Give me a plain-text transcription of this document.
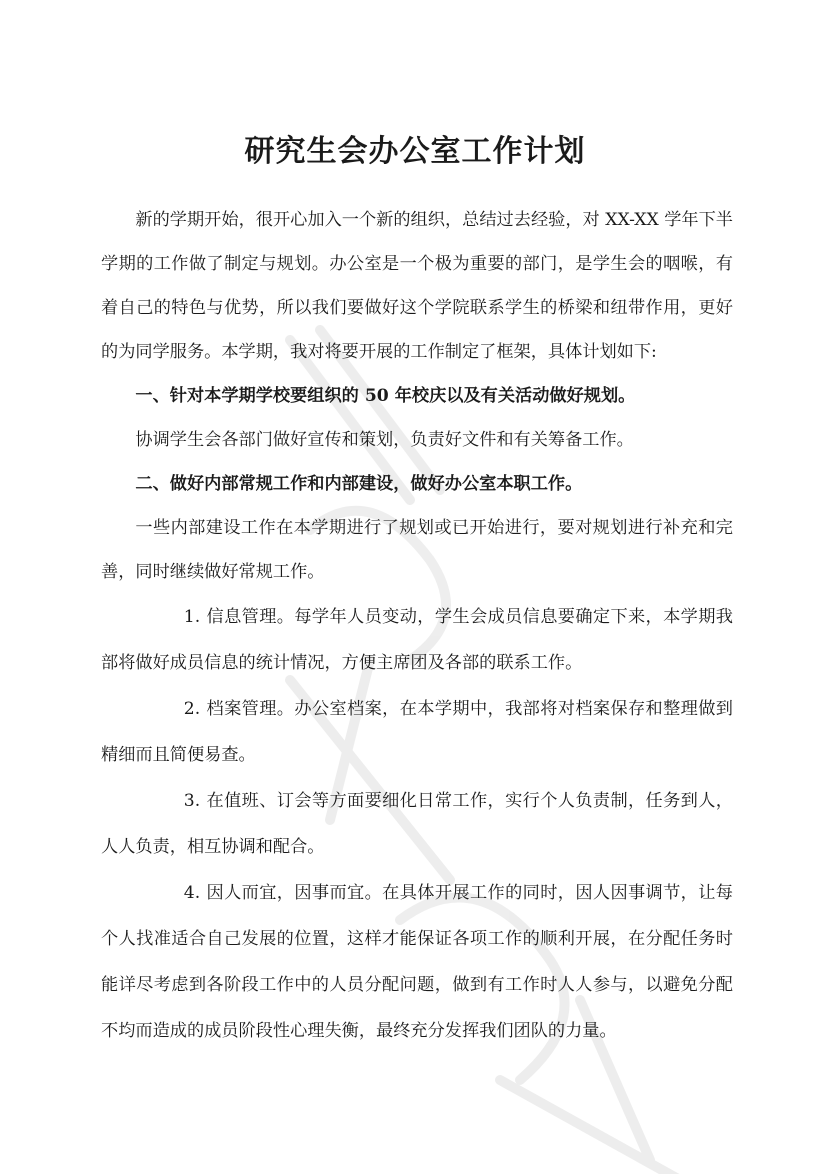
研究生会办公室工作计划

新的学期开始，很开心加入一个新的组织，总结过去经验，对 XX-XX 学年下半学期的工作做了制定与规划。办公室是一个极为重要的部门，是学生会的咽喉，有着自己的特色与优势，所以我们要做好这个学院联系学生的桥梁和纽带作用，更好的为同学服务。本学期，我对将要开展的工作制定了框架，具体计划如下:

一、针对本学期学校要组织的 50 年校庆以及有关活动做好规划。

协调学生会各部门做好宣传和策划，负责好文件和有关筹备工作。

二、做好内部常规工作和内部建设，做好办公室本职工作。

一些内部建设工作在本学期进行了规划或已开始进行，要对规划进行补充和完善，同时继续做好常规工作。

1. 信息管理。每学年人员变动，学生会成员信息要确定下来，本学期我部将做好成员信息的统计情况，方便主席团及各部的联系工作。

2. 档案管理。办公室档案，在本学期中，我部将对档案保存和整理做到精细而且简便易查。

3. 在值班、订会等方面要细化日常工作，实行个人负责制，任务到人，人人负责，相互协调和配合。

4. 因人而宜，因事而宜。在具体开展工作的同时，因人因事调节，让每个人找准适合自己发展的位置，这样才能保证各项工作的顺利开展，在分配任务时能详尽考虑到各阶段工作中的人员分配问题，做到有工作时人人参与，以避免分配不均而造成的成员阶段性心理失衡，最终充分发挥我们团队的力量。
